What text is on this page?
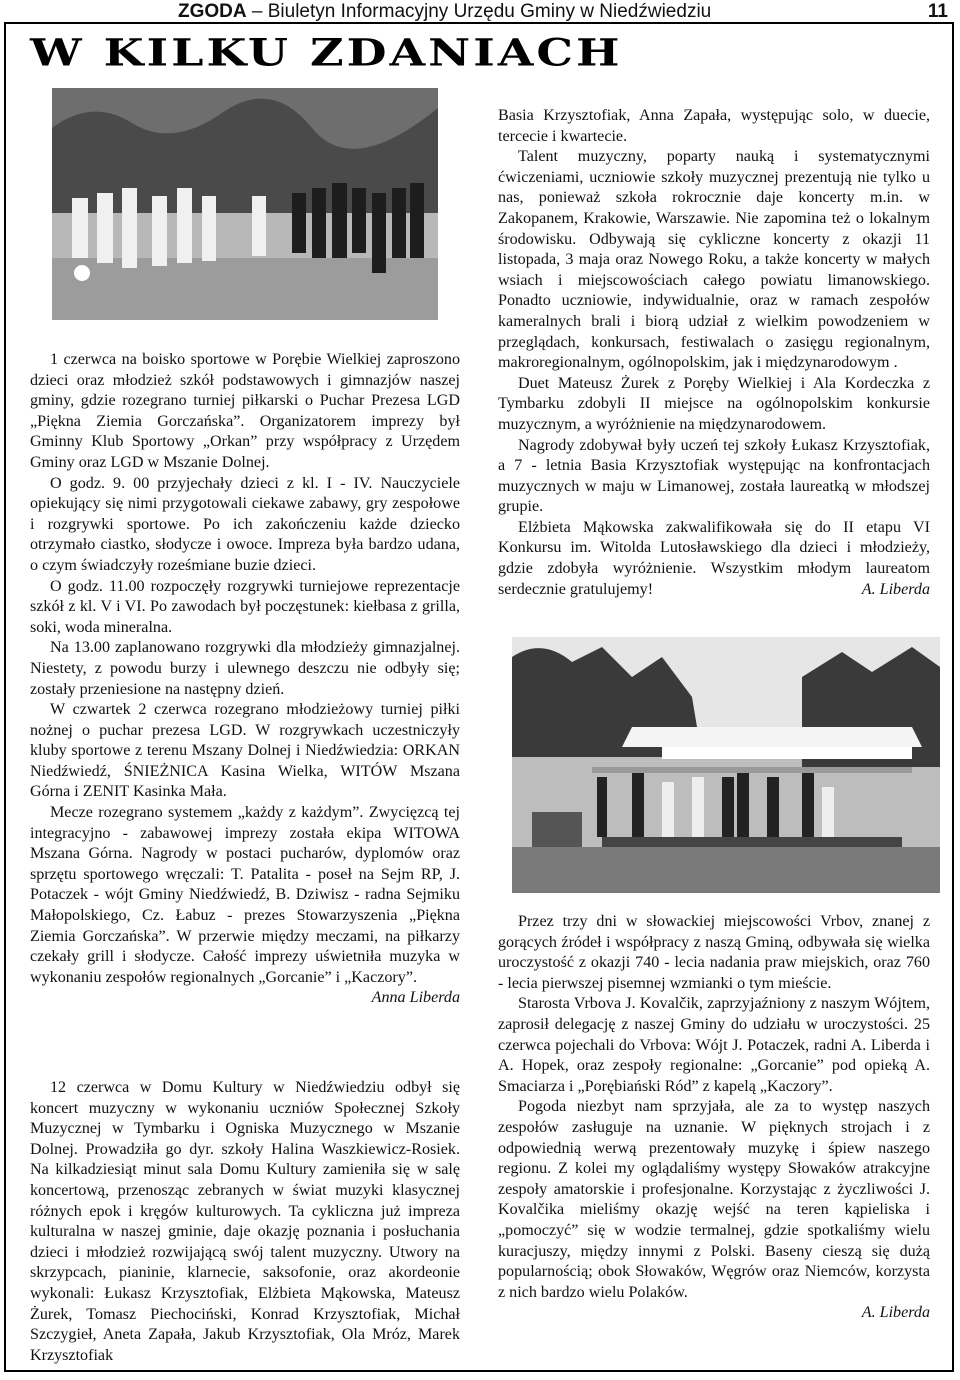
ZGODA – Biuletyn Informacyjny Urzędu Gminy w Niedźwiedziu	11
W KILKU ZDANIACH

1 czerwca na boisko sportowe w Porębie Wielkiej zaproszono dzieci oraz młodzież szkół podstawowych i gimnazjów naszej gminy, gdzie rozegrano turniej piłkarski o Puchar Prezesa LGD „Piękna Ziemia Gorczańska”. Organizatorem imprezy był Gminny Klub Sportowy „Orkan” przy współpracy z Urzędem Gminy oraz LGD w Mszanie Dolnej.

O godz. 9. 00 przyjechały dzieci z kl. I - IV. Nauczyciele opiekujący się nimi przygotowali ciekawe zabawy, gry zespołowe i rozgrywki sportowe. Po ich zakończeniu każde dziecko otrzymało ciastko, słodycze i owoce. Impreza była bardzo udana, o czym świadczyły roześmiane buzie dzieci.

O godz. 11.00 rozpoczęły rozgrywki turniejowe reprezentacje szkół z kl. V i VI. Po zawodach był poczęstunek: kiełbasa z grilla, soki, woda mineralna.

Na 13.00 zaplanowano rozgrywki dla młodzieży gimnazjalnej. Niestety, z powodu burzy i ulewnego deszczu nie odbyły się; zostały przeniesione na następny dzień.

W czwartek 2 czerwca rozegrano młodzieżowy turniej piłki nożnej o puchar prezesa LGD. W rozgrywkach uczestniczyły kluby sportowe z terenu Mszany Dolnej i Niedźwiedzia: ORKAN Niedźwiedź, ŚNIEŻNICA Kasina Wielka, WITÓW Mszana Górna i ZENIT Kasinka Mała.

Mecze rozegrano systemem „każdy z każdym”. Zwycięzcą tej integracyjno - zabawowej imprezy została ekipa WITOWA Mszana Górna. Nagrody w postaci pucharów, dyplomów oraz sprzętu sportowego wręczali: T. Patalita - poseł na Sejm RP, J. Potaczek - wójt Gminy Niedźwiedź, B. Dziwisz - radna Sejmiku Małopolskiego, Cz. Łabuz - prezes Stowarzyszenia „Piękna Ziemia Gorczańska”. W przerwie między meczami, na piłkarzy czekały grill i słodycze. Całość imprezy uświetniła muzyka w wykonaniu zespołów regionalnych „Gorcanie” i „Kaczory”.
Anna Liberda

12 czerwca w Domu Kultury w Niedźwiedziu odbył się koncert muzyczny w wykonaniu uczniów Społecznej Szkoły Muzycznej w Tymbarku i Ogniska Muzycznego w Mszanie Dolnej. Prowadziła go dyr. szkoły Halina Waszkiewicz-Rosiek. Na kilkadziesiąt minut sala Domu Kultury zamieniła się w salę koncertową, przenosząc zebranych w świat muzyki klasycznej różnych epok i kręgów kulturowych. Ta cykliczna już impreza kulturalna w naszej gminie, daje okazję poznania i posłuchania dzieci i młodzież rozwijającą swój talent muzyczny. Utwory na skrzypcach, pianinie, klarnecie, saksofonie, oraz akordeonie wykonali: Łukasz Krzysztofiak, Elżbieta Mąkowska, Mateusz Żurek, Tomasz Piechociński, Konrad Krzysztofiak, Michał Szczygieł, Aneta Zapała, Jakub Krzysztofiak, Ola Mróz, Marek Krzysztofiak

Basia Krzysztofiak, Anna Zapała, występując solo, w duecie, tercecie i kwartecie.

Talent muzyczny, poparty nauką i systematycznymi ćwiczeniami, uczniowie szkoły muzycznej prezentują nie tylko u nas, ponieważ szkoła rokrocznie daje koncerty m.in. w Zakopanem, Krakowie, Warszawie. Nie zapomina też o lokalnym środowisku. Odbywają się cykliczne koncerty z okazji 11 listopada, 3 maja oraz Nowego Roku, a także koncerty w małych wsiach i miejscowościach całego powiatu limanowskiego. Ponadto uczniowie, indywidualnie, oraz w ramach zespołów kameralnych brali i biorą udział z wielkim powodzeniem w przeglądach, konkursach, festiwalach o zasięgu regionalnym, makroregionalnym, ogólnopolskim, jak i międzynarodowym .

Duet Mateusz Żurek z Poręby Wielkiej i Ala Kordeczka z Tymbarku zdobyli II miejsce na ogólnopolskim konkursie muzycznym, a wyróżnienie na międzynarodowem.

Nagrody zdobywał były uczeń tej szkoły Łukasz Krzysztofiak, a 7 - letnia Basia Krzysztofiak występując na konfrontacjach muzycznych w maju w Limanowej, została laureatką w młodszej grupie.

Elżbieta Mąkowska zakwalifikowała się do II etapu VI Konkursu im. Witolda Lutosławskiego dla dzieci i młodzieży, gdzie zdobyła wyróżnienie. Wszystkim młodym laureatom serdecznie gratulujemy!	A. Liberda

Przez trzy dni w słowackiej miejscowości Vrbov, znanej z gorących źródeł i współpracy z naszą Gminą, odbywała się wielka uroczystość z okazji 740 - lecia nadania praw miejskich, oraz 760 - lecia pierwszej pisemnej wzmianki o tym mieście.

Starosta Vrbova J. Kovalčik, zaprzyjaźniony z naszym Wójtem, zaprosił delegację z naszej Gminy do udziału w uroczystości. 25 czerwca pojechali do Vrbova: Wójt J. Potaczek, radni A. Liberda i A. Hopek, oraz zespoły regionalne: „Gorcanie” pod opieką A. Smaciarza i „Porębiański Ród” z kapelą „Kaczory”.

Pogoda niezbyt nam sprzyjała, ale za to występ naszych zespołów zasługuje na uznanie. W pięknych strojach i z odpowiednią werwą prezentowały muzykę i śpiew naszego regionu. Z kolei my oglądaliśmy występy Słowaków atrakcyjne zespoły amatorskie i profesjonalne. Korzystając z życzliwości J. Kovalčika mieliśmy okazję wejść na teren kąpieliska i „pomoczyć” się w wodzie termalnej, gdzie spotkaliśmy wielu kuracjuszy, między innymi z Polski. Baseny cieszą się dużą popularnością; obok Słowaków, Węgrów oraz Niemców, korzysta z nich bardzo wielu Polaków.

A. Liberda
